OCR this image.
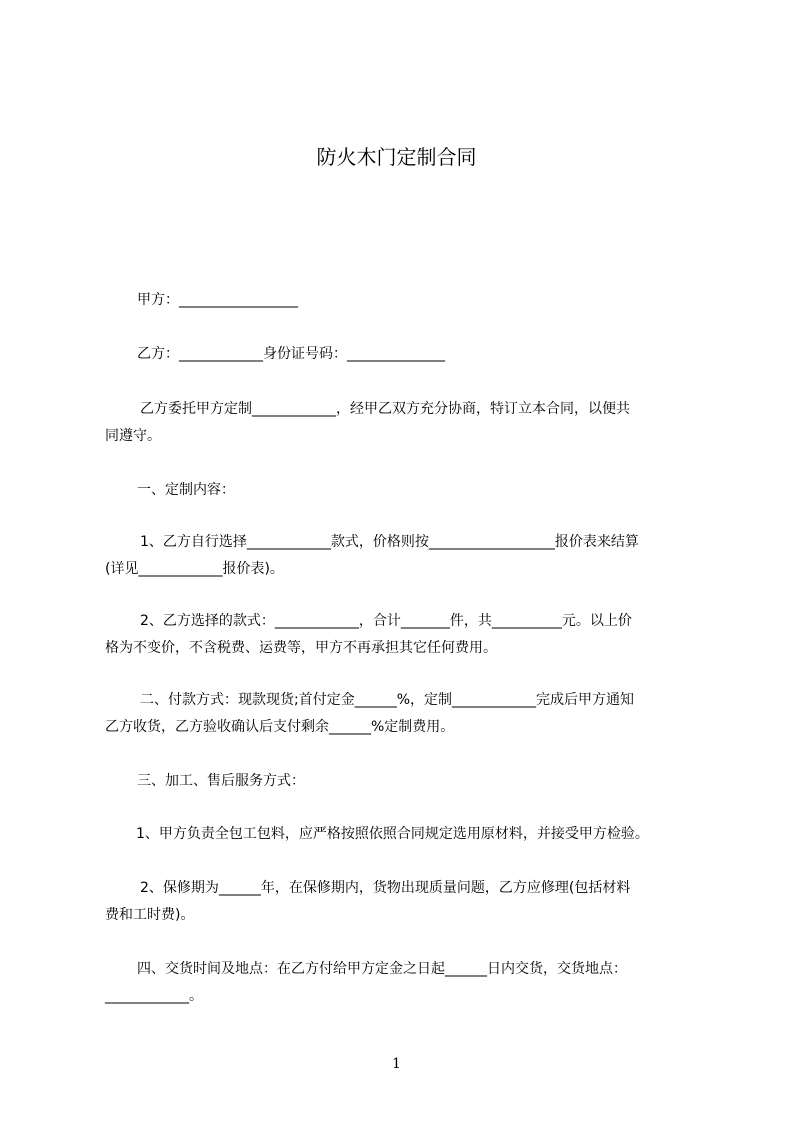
防火木门定制合同
甲方：_________________
乙方：____________身份证号码：______________
乙方委托甲方定制____________，经甲乙双方充分协商，特订立本合同，以便共
同遵守。
一、定制内容：
1、乙方自行选择____________款式，价格则按__________________报价表来结算
(详见____________报价表)。
2、乙方选择的款式：____________，合计_______件，共__________元。以上价
格为不变价，不含税费、运费等，甲方不再承担其它任何费用。
二、付款方式：现款现货;首付定金______%，定制____________完成后甲方通知
乙方收货，乙方验收确认后支付剩余______%定制费用。
三、加工、售后服务方式：
1、甲方负责全包工包料，应严格按照依照合同规定选用原材料，并接受甲方检验。
2、保修期为______年，在保修期内，货物出现质量问题，乙方应修理(包括材料
费和工时费)。
四、交货时间及地点：在乙方付给甲方定金之日起______日内交货，交货地点：
____________。
1
